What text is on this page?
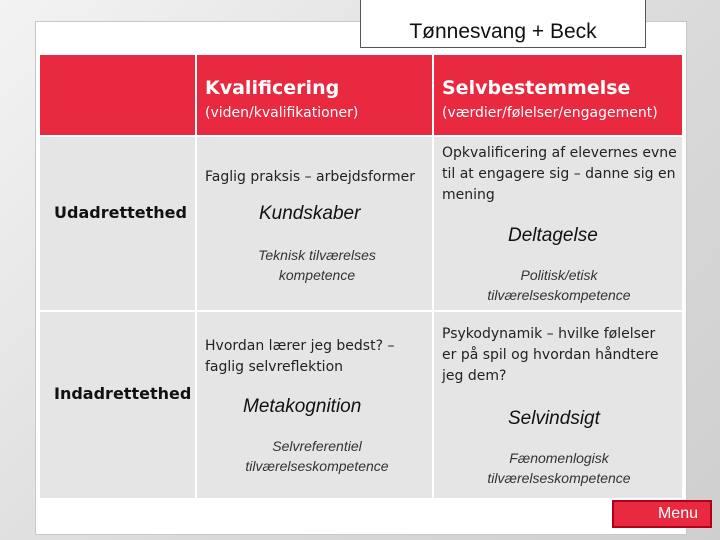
Tønnesvang + Beck
Kvalificering
(viden/kvalifikationer)
Selvbestemmelse
(værdier/følelser/engagement)
Udadrettethed
Faglig praksis – arbejdsformer
Kundskaber
Teknisk tilværelses kompetence
Opkvalificering af elevernes evne til at engagere sig – danne sig en mening
Deltagelse
Politisk/etisk tilværelseskompetence
Indadrettethed
Hvordan lærer jeg bedst? – faglig selvreflektion
Metakognition
Selvreferentiel tilværelseskompetence
Psykodynamik – hvilke følelser er på spil og hvordan håndtere jeg dem?
Selvindsigt
Fænomenlogisk tilværelseskompetence
Menu
